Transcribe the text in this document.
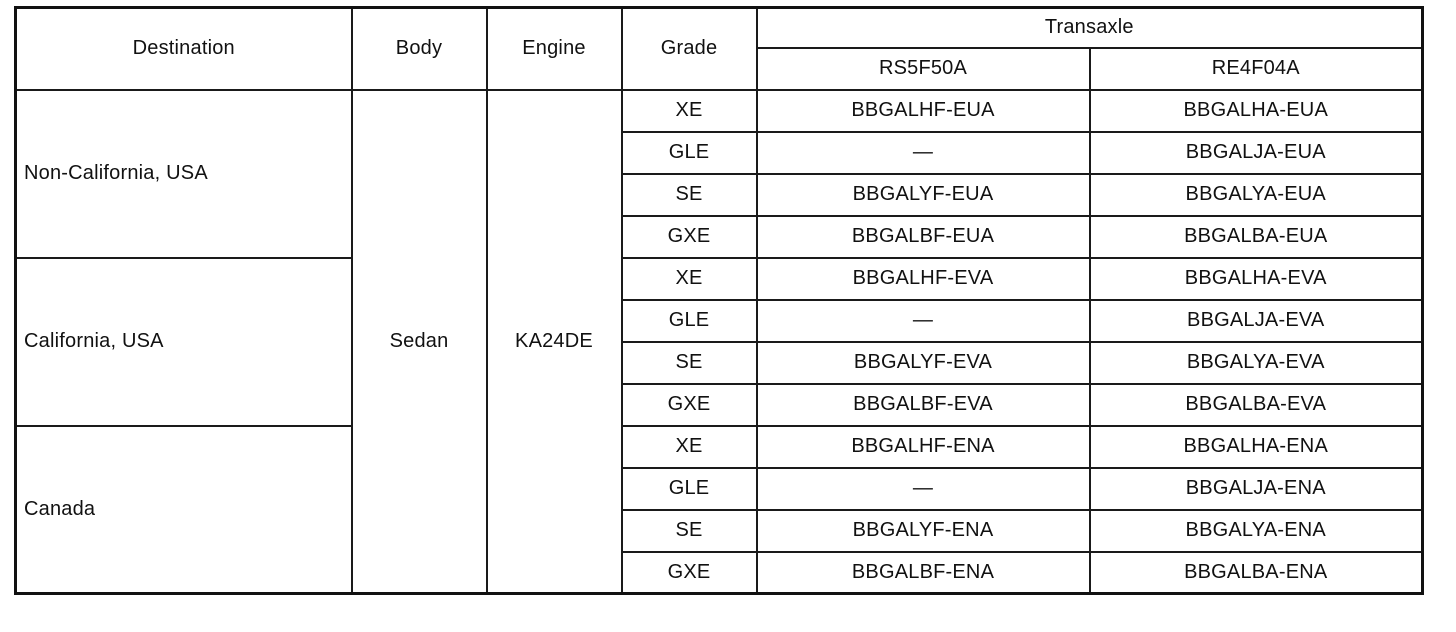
Destination	Body	Engine	Grade	Transaxle	
				RS5F50A	RE4F04A
Non-California, USA	Sedan	KA24DE	XE	BBGALHF-EUA	BBGALHA-EUA
			GLE	—	BBGALJA-EUA
			SE	BBGALYF-EUA	BBGALYA-EUA
			GXE	BBGALBF-EUA	BBGALBA-EUA
California, USA			XE	BBGALHF-EVA	BBGALHA-EVA
			GLE	—	BBGALJA-EVA
			SE	BBGALYF-EVA	BBGALYA-EVA
			GXE	BBGALBF-EVA	BBGALBA-EVA
Canada			XE	BBGALHF-ENA	BBGALHA-ENA
			GLE	—	BBGALJA-ENA
			SE	BBGALYF-ENA	BBGALYA-ENA
			GXE	BBGALBF-ENA	BBGALBA-ENA
